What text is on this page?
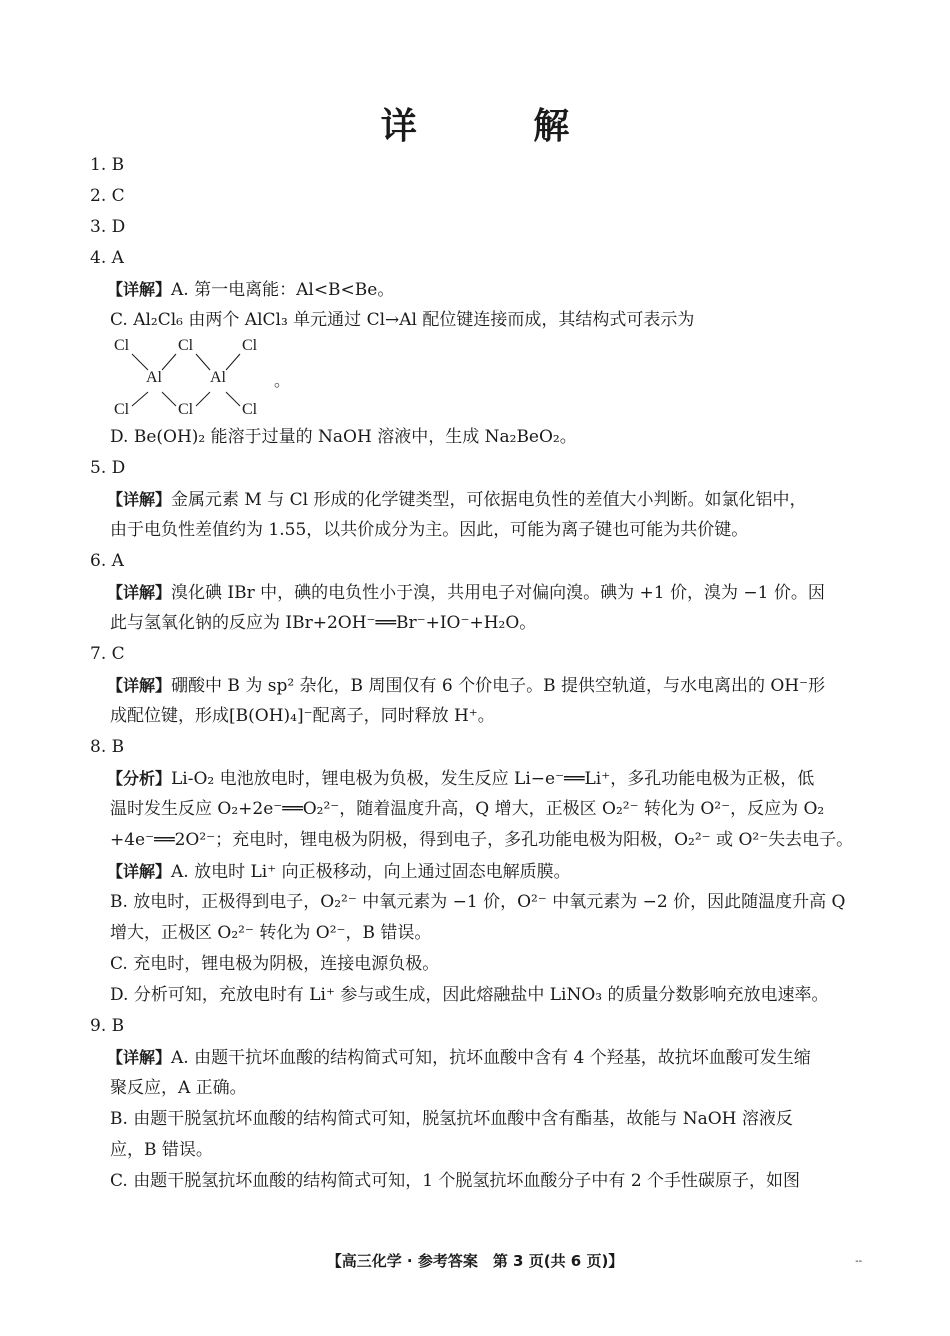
详 解
1. B
2. C
3. D
4. A
【详解】A. 第一电离能：Al<B<Be。
C. Al₂Cl₆ 由两个 AlCl₃ 单元通过 Cl→Al 配位键连接而成，其结构式可表示为
Cl	Cl	Cl
Al	Al
Cl	Cl	Cl
。
D. Be(OH)₂ 能溶于过量的 NaOH 溶液中，生成 Na₂BeO₂。
5. D
【详解】金属元素 M 与 Cl 形成的化学键类型，可依据电负性的差值大小判断。如氯化铝中，
由于电负性差值约为 1.55，以共价成分为主。因此，可能为离子键也可能为共价键。
6. A
【详解】溴化碘 IBr 中，碘的电负性小于溴，共用电子对偏向溴。碘为 +1 价，溴为 −1 价。因
此与氢氧化钠的反应为 IBr+2OH⁻══Br⁻+IO⁻+H₂O。
7. C
【详解】硼酸中 B 为 sp² 杂化，B 周围仅有 6 个价电子。B 提供空轨道，与水电离出的 OH⁻形
成配位键，形成[B(OH)₄]⁻配离子，同时释放 H⁺。
8. B
【分析】Li-O₂ 电池放电时，锂电极为负极，发生反应 Li−e⁻══Li⁺，多孔功能电极为正极，低
温时发生反应 O₂+2e⁻══O₂²⁻，随着温度升高，Q 增大，正极区 O₂²⁻ 转化为 O²⁻，反应为 O₂
+4e⁻══2O²⁻；充电时，锂电极为阴极，得到电子，多孔功能电极为阳极，O₂²⁻ 或 O²⁻失去电子。
【详解】A. 放电时 Li⁺ 向正极移动，向上通过固态电解质膜。
B. 放电时，正极得到电子，O₂²⁻ 中氧元素为 −1 价，O²⁻ 中氧元素为 −2 价，因此随温度升高 Q
增大，正极区 O₂²⁻ 转化为 O²⁻，B 错误。
C. 充电时，锂电极为阴极，连接电源负极。
D. 分析可知，充放电时有 Li⁺ 参与或生成，因此熔融盐中 LiNO₃ 的质量分数影响充放电速率。
9. B
【详解】A. 由题干抗坏血酸的结构简式可知，抗坏血酸中含有 4 个羟基，故抗坏血酸可发生缩
聚反应，A 正确。
B. 由题干脱氢抗坏血酸的结构简式可知，脱氢抗坏血酸中含有酯基，故能与 NaOH 溶液反
应，B 错误。
C. 由题干脱氢抗坏血酸的结构简式可知，1 个脱氢抗坏血酸分子中有 2 个手性碳原子，如图
【高三化学 · 参考答案　第 3 页(共 6 页)】	--
